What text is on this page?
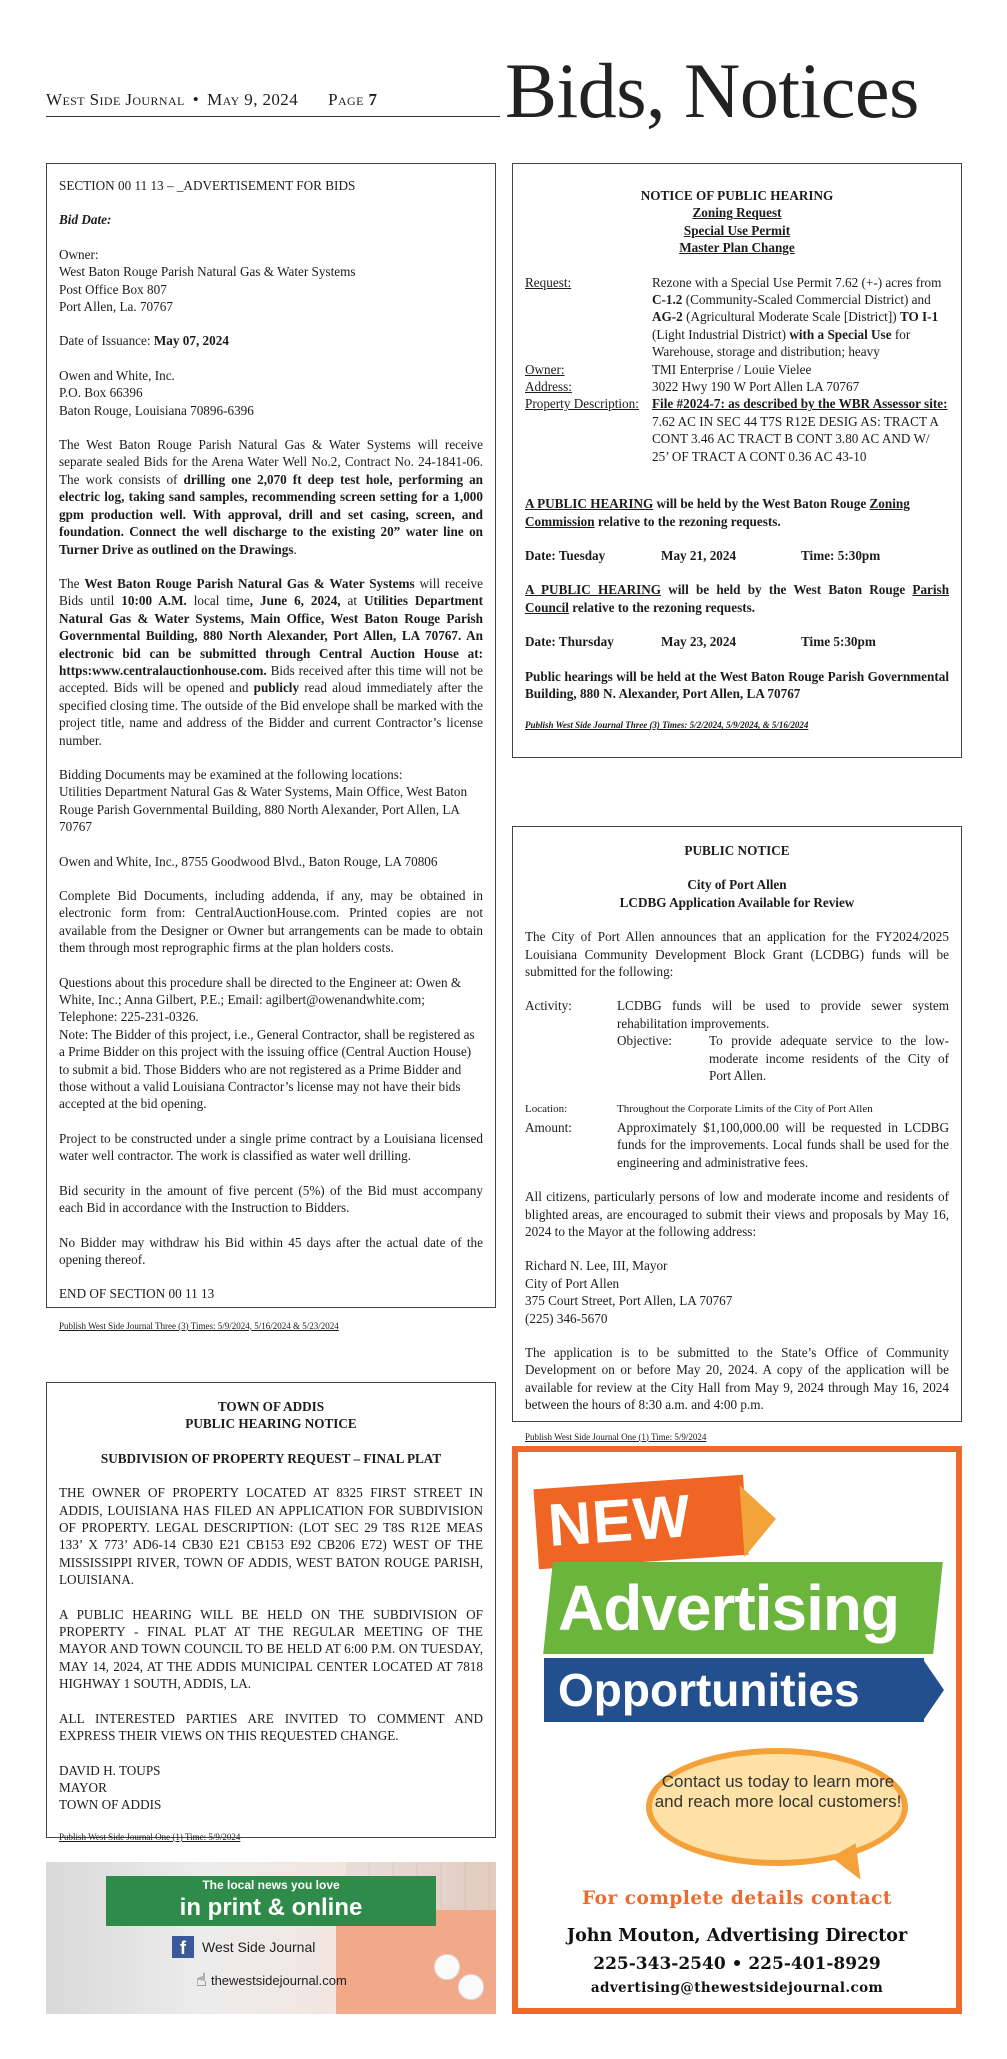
West Side Journal • May 9, 2024 Page 7 Bids, Notices

SECTION 00 11 13 – _ADVERTISEMENT FOR BIDS

Bid Date:

Owner:
West Baton Rouge Parish Natural Gas & Water Systems
Post Office Box 807
Port Allen, La. 70767

Date of Issuance: May 07, 2024

Owen and White, Inc.
P.O. Box 66396
Baton Rouge, Louisiana 70896-6396

The West Baton Rouge Parish Natural Gas & Water Systems will receive separate sealed Bids for the Arena Water Well No.2, Contract No. 24-1841-06. The work consists of drilling one 2,070 ft deep test hole, performing an electric log, taking sand samples, recommending screen setting for a 1,000 gpm production well. With approval, drill and set casing, screen, and foundation. Connect the well discharge to the existing 20” water line on Turner Drive as outlined on the Drawings.

The West Baton Rouge Parish Natural Gas & Water Systems will receive Bids until 10:00 A.M. local time, June 6, 2024, at Utilities Department Natural Gas & Water Systems, Main Office, West Baton Rouge Parish Governmental Building, 880 North Alexander, Port Allen, LA 70767. An electronic bid can be submitted through Central Auction House at: https:www.centralauctionhouse.com. Bids received after this time will not be accepted. Bids will be opened and publicly read aloud immediately after the specified closing time. The outside of the Bid envelope shall be marked with the project title, name and address of the Bidder and current Contractor’s license number.

Bidding Documents may be examined at the following locations:
Utilities Department Natural Gas & Water Systems, Main Office, West Baton Rouge Parish Governmental Building, 880 North Alexander, Port Allen, LA 70767

Owen and White, Inc., 8755 Goodwood Blvd., Baton Rouge, LA 70806

Complete Bid Documents, including addenda, if any, may be obtained in electronic form from: CentralAuctionHouse.com. Printed copies are not available from the Designer or Owner but arrangements can be made to obtain them through most reprographic firms at the plan holders costs.

Questions about this procedure shall be directed to the Engineer at: Owen & White, Inc.; Anna Gilbert, P.E.; Email: agilbert@owenandwhite.com; Telephone: 225-231-0326.
Note: The Bidder of this project, i.e., General Contractor, shall be registered as a Prime Bidder on this project with the issuing office (Central Auction House) to submit a bid. Those Bidders who are not registered as a Prime Bidder and those without a valid Louisiana Contractor’s license may not have their bids accepted at the bid opening.

Project to be constructed under a single prime contract by a Louisiana licensed water well contractor. The work is classified as water well drilling.

Bid security in the amount of five percent (5%) of the Bid must accompany each Bid in accordance with the Instruction to Bidders.

No Bidder may withdraw his Bid within 45 days after the actual date of the opening thereof.

END OF SECTION 00 11 13

Publish West Side Journal Three (3) Times: 5/9/2024, 5/16/2024 & 5/23/2024

NOTICE OF PUBLIC HEARING
Zoning Request
Special Use Permit
Master Plan Change
Request:	Rezone with a Special Use Permit 7.62 (+-) acres from C-1.2 (Community-Scaled Commercial District) and AG-2 (Agricultural Moderate Scale [District]) TO I-1 (Light Industrial District) with a Special Use for Warehouse, storage and distribution; heavy
Owner:	TMI Enterprise / Louie Vielee
Address:	3022 Hwy 190 W Port Allen LA 70767
Property Description: File #2024-7: as described by the WBR Assessor site: 7.62 AC IN SEC 44 T7S R12E DESIG AS: TRACT A CONT 3.46 AC TRACT B CONT 3.80 AC AND W/ 25’ OF TRACT A CONT 0.36 AC 43-10

A PUBLIC HEARING will be held by the West Baton Rouge Zoning Commission relative to the rezoning requests.

Date: Tuesday	May 21, 2024	Time: 5:30pm

A PUBLIC HEARING will be held by the West Baton Rouge Parish Council relative to the rezoning requests.

Date: Thursday	May 23, 2024	Time 5:30pm

Public hearings will be held at the West Baton Rouge Parish Governmental Building, 880 N. Alexander, Port Allen, LA 70767

Publish West Side Journal Three (3) Times: 5/2/2024, 5/9/2024, & 5/16/2024
PUBLIC NOTICE
City of Port Allen
LCDBG Application Available for Review

The City of Port Allen announces that an application for the FY2024/2025 Louisiana Community Development Block Grant (LCDBG) funds will be submitted for the following:

Activity:	LCDBG funds will be used to provide sewer system rehabilitation improvements.
Objective:	To provide adequate service to the low-moderate income residents of the City of Port Allen.
Location:	Throughout the Corporate Limits of the City of Port Allen
Amount:	Approximately $1,100,000.00 will be requested in LCDBG funds for the improvements. Local funds shall be used for the engineering and administrative fees.

All citizens, particularly persons of low and moderate income and residents of blighted areas, are encouraged to submit their views and proposals by May 16, 2024 to the Mayor at the following address:

Richard N. Lee, III, Mayor
City of Port Allen
375 Court Street, Port Allen, LA 70767
(225) 346-5670

The application is to be submitted to the State’s Office of Community Development on or before May 20, 2024. A copy of the application will be available for review at the City Hall from May 9, 2024 through May 16, 2024 between the hours of 8:30 a.m. and 4:00 p.m.

Publish West Side Journal One (1) Time: 5/9/2024

TOWN OF ADDIS
PUBLIC HEARING NOTICE
SUBDIVISION OF PROPERTY REQUEST – FINAL PLAT

THE OWNER OF PROPERTY LOCATED AT 8325 FIRST STREET IN ADDIS, LOUISIANA HAS FILED AN APPLICATION FOR SUBDIVISION OF PROPERTY. LEGAL DESCRIPTION: (LOT SEC 29 T8S R12E MEAS 133’ X 773’ AD6-14 CB30 E21 CB153 E92 CB206 E72) WEST OF THE MISSISSIPPI RIVER, TOWN OF ADDIS, WEST BATON ROUGE PARISH, LOUISIANA.

A PUBLIC HEARING WILL BE HELD ON THE SUBDIVISION OF PROPERTY - FINAL PLAT AT THE REGULAR MEETING OF THE MAYOR AND TOWN COUNCIL TO BE HELD AT 6:00 P.M. ON TUESDAY, MAY 14, 2024, AT THE ADDIS MUNICIPAL CENTER LOCATED AT 7818 HIGHWAY 1 SOUTH, ADDIS, LA.

ALL INTERESTED PARTIES ARE INVITED TO COMMENT AND EXPRESS THEIR VIEWS ON THIS REQUESTED CHANGE.

DAVID H. TOUPS
MAYOR
TOWN OF ADDIS

Publish West Side Journal One (1) Time: 5/9/2024

The local news you love
in print & online
f	West Side Journal
☝ thewestsidejournal.com
NEW
Advertising
Opportunities
Contact us today to learn more and reach more local customers!
For complete details contact
John Mouton, Advertising Director
225-343-2540 • 225-401-8929
advertising@thewestsidejournal.com
